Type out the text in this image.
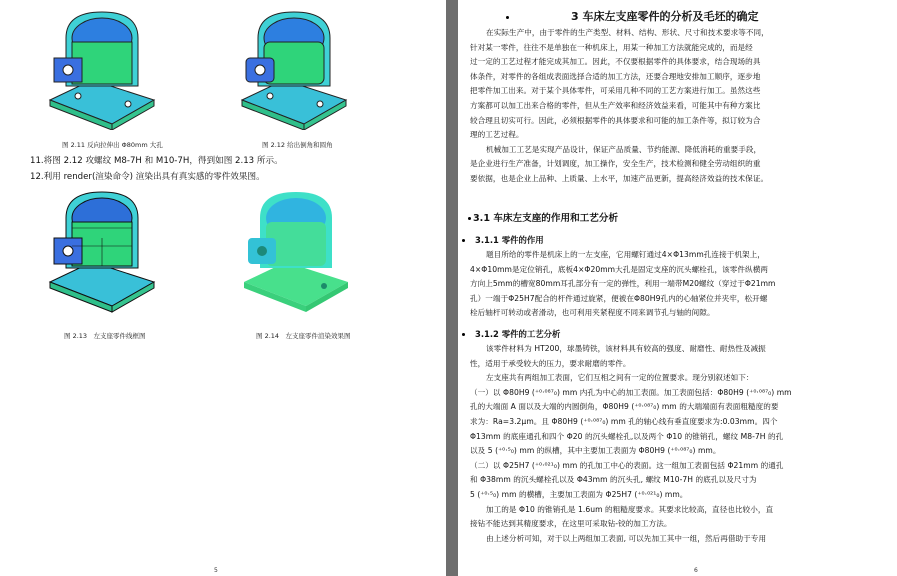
图 2.11 反向拉伸出 Φ80mm 大孔	图 2.12 给出倒角和圆角
11.将图 2.12 攻螺纹 M8-7H 和 M10-7H，得到如图 2.13 所示。
12.利用 render(渲染命令) 渲染出具有真实感的零件效果图。
图 2.13　左支座零件线框图	图 2.14　左支座零件渲染效果图
5
3 车床左支座零件的分析及毛坯的确定
在实际生产中，由于零件的生产类型、材料、结构、形状、尺寸和技术要求等不同，
针对某一零件，往往不是单独在一种机床上，用某一种加工方法就能完成的，而是经
过一定的工艺过程才能完成其加工。因此，不仅要根据零件的具体要求，结合现场的具
体条件，对零件的各组成表面选择合适的加工方法，还要合理地安排加工顺序，逐步地
把零件加工出来。对于某个具体零件，可采用几种不同的工艺方案进行加工。虽然这些
方案都可以加工出来合格的零件，但从生产效率和经济效益来看，可能其中有种方案比
较合理且切实可行。因此，必须根据零件的具体要求和可能的加工条件等，拟订较为合
理的工艺过程。
机械加工工艺是实现产品设计，保证产品质量、节约能源、降低消耗的重要手段，
是企业进行生产准备，计划调度，加工操作，安全生产，技术检测和健全劳动组织的重
要依据，也是企业上品种、上质量、上水平，加速产品更新，提高经济效益的技术保证。
3.1 车床左支座的作用和工艺分析
3.1.1 零件的作用
题目所给的零件是机床上的一左支座，它用螺钉通过4×Φ13mm孔连接于机架上，
4×Φ10mm是定位销孔，底板4×Φ20mm大孔是固定支座的沉头螺栓孔，该零件纵横两
方向上5mm的槽宽80mm耳孔部分有一定的弹性，利用一端带M20螺纹（穿过于Φ21mm
孔）一端于Φ25H7配合的杆件通过旋紧，便被在Φ80H9孔内的心轴紧位并夹牢，松开螺
栓后轴杆可转动或者滑动，也可利用夹紧程度不同来调节孔与轴的间隙。
3.1.2 零件的工艺分析
该零件材料为 HT200，球墨铸铁，该材料具有较高的强度、耐磨性、耐热性及减振
性，适用于承受较大的压力，要求耐磨的零件。
左支座共有两组加工表面，它们互相之间有一定的位置要求。现分别叙述如下：
（一）以 Φ80H9 (⁺⁰·⁰⁸⁷₀) mm 内孔为中心的加工表面。加工表面包括：Φ80H9 (⁺⁰·⁰⁸⁷₀) mm
孔的大端面 A 面以及大端的内圆倒角，Φ80H9 (⁺⁰·⁰⁸⁷₀) mm 的大端端面有表面粗糙度的要
求为：Ra=3.2μm。且 Φ80H9 (⁺⁰·⁰⁸⁷₀) mm 孔的轴心线有垂直度要求为:0.03mm。四个
Φ13mm 的底座通孔和四个 Φ20 的沉头螺栓孔,以及两个 Φ10 的锥销孔，螺纹 M8-7H 的孔
以及 5 (⁺⁰·⁵₀) mm 的纵槽，其中主要加工表面为 Φ80H9 (⁺⁰·⁰⁸⁷₀) mm。
（二）以 Φ25H7 (⁺⁰·⁰²¹₀) mm 的孔加工中心的表面。这一组加工表面包括 Φ21mm 的通孔
和 Φ38mm 的沉头螺栓孔以及 Φ43mm 的沉头孔, 螺纹 M10-7H 的底孔以及尺寸为
5 (⁺⁰·⁵₀) mm 的横槽，主要加工表面为 Φ25H7 (⁺⁰·⁰²¹₀) mm。
加工的是 Φ10 的锥销孔是 1.6um 的粗糙度要求。其要求比较高，直径也比较小，直
接钻不能达到其精度要求，在这里可采取钻-铰的加工方法。
由上述分析可知，对于以上两组加工表面, 可以先加工其中一组，然后再借助于专用
6
